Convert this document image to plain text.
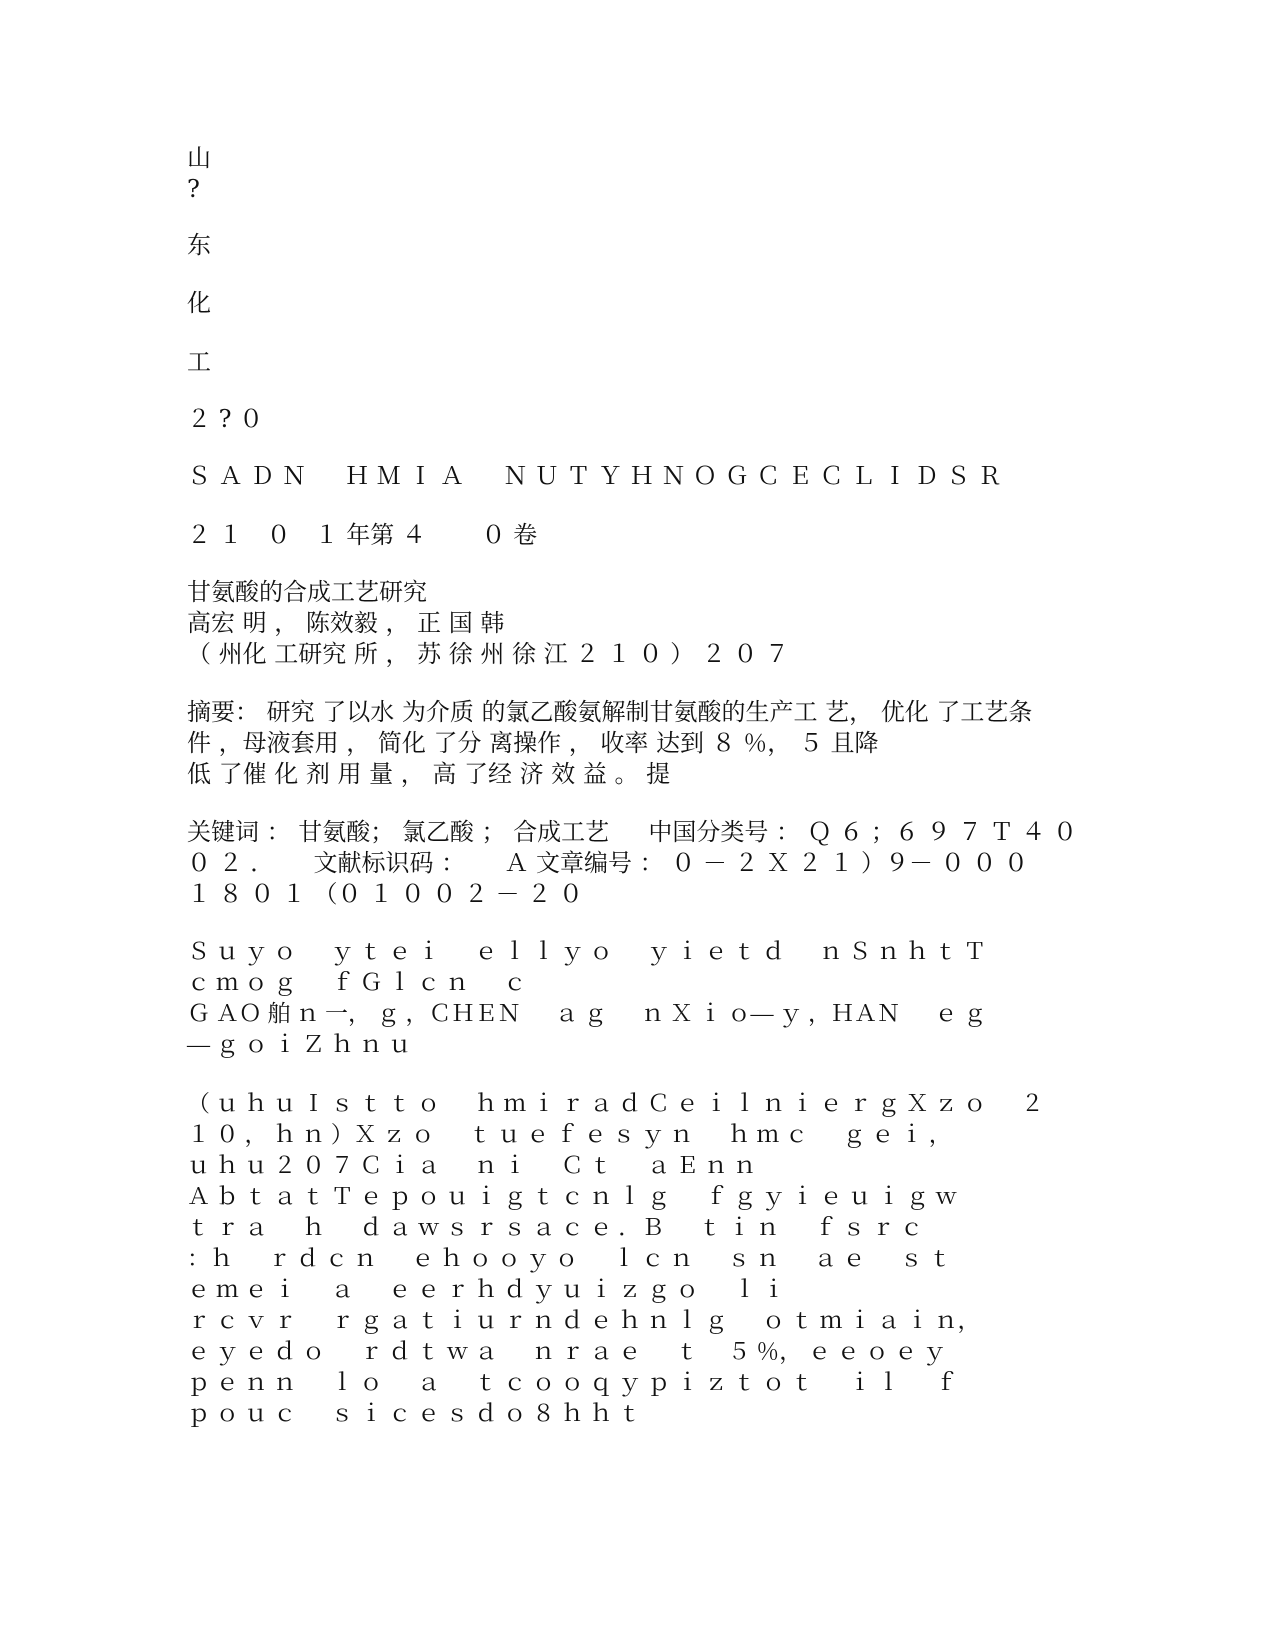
山
?
东
化
工
２ ? ０
Ｓ Ａ Ｄ Ｎ 　 Ｈ Ｍ Ｉ Ａ 　 Ｎ Ｕ Ｔ Ｙ Ｈ Ｎ Ｏ Ｇ Ｃ Ｅ Ｃ Ｌ Ｉ Ｄ Ｓ Ｒ
２ １　０　１ 年第 ４　　 ０ 卷
甘氨酸的合成工艺研究
高宏 明 ， 陈效毅 ， 正 国 韩
（ 州化 工研究 所 ， 苏 徐 州 徐 江 ２ １ ０ ） ２ ０ ７
摘要： 研究 了以水 为介质 的氯乙酸氨解制甘氨酸的生产工 艺， 优化 了工艺条
件 ，母液套用 ， 简化 了分 离操作 ， 收率 达到 ８ ％， ５ 且降
低 了催 化 剂 用 量 ， 高 了经 济 效 益 。 提
关键词 ： 甘氨酸； 氯乙酸 ； 合成工艺 　 中国分类号 ： Ｑ ６ ；６ ９ ７ Ｔ ４ ０
０ ２ ． 　 文献标识码 ： 　 Ａ 文章编号 ： ０ － ２ Ｘ ２ １ ）９－ ０ ０ ０
１ ８ ０ １ （０ １ ０ ０ ２ － ２ ０
Ｓ ｕ ｙ ｏ 　 ｙ ｔ ｅ ｉ 　 ｅ ｌ ｌ ｙ ｏ 　 ｙ ｉ ｅ ｔ ｄ 　 ｎ Ｓ ｎ ｈ ｔ Ｔ
ｃ ｍ ｏ ｇ 　 ｆ Ｇ ｌ ｃ ｎ 　 ｃ
Ｇ ＡＯ 舶 ｎ 一， ｇ ，ＣＨＥＮ 　 ａ ｇ 　 ｎ Ｘ ｉ ｏ— ｙ ，ＨＡＮ 　 ｅ ｇ
— ｇ ｏ ｉ Ｚ ｈ ｎ ｕ
（ ｕ ｈ ｕ Ｉ ｓ ｔ ｔ ｏ 　 ｈ ｍ ｉ ｒ ａ ｄ Ｃ ｅ ｉ ｌ ｎ ｉ ｅ ｒ ｇ Ｘ ｚ ｏ 　 ２
１ ０ ， ｈ ｎ ）Ｘ ｚ ｏ 　 ｔ ｕ ｅ ｆ ｅ ｓ ｙ ｎ 　 ｈ ｍ ｃ 　 ｇ ｅ ｉ ，
ｕ ｈ ｕ ２ ０ ７ Ｃ ｉ ａ 　 ｎ ｉ 　 Ｃ ｔ 　 ａ Ｅ ｎ ｎ
Ａ ｂ ｔ ａ ｔ Ｔ ｅ ｐ ｏ ｕ ｉ ｇ ｔ ｃ ｎ ｌ ｇ 　 ｆ ｇ ｙ ｉ ｅ ｕ ｉ ｇ ｗ
ｔ ｒ ａ 　 ｈ 　 ｄ ａ ｗ ｓ ｒ ｓ ａ ｃ ｅ ．Ｂ 　 ｔ ｉ ｎ 　 ｆ ｓ ｒ ｃ
：ｈ 　 ｒ ｄ ｃ ｎ 　 ｅ ｈ ｏ ｏ ｙ ｏ 　 ｌ ｃ ｎ 　 ｓ ｎ 　 ａ ｅ 　 ｓ ｔ
ｅ ｍ ｅ ｉ 　 ａ 　 ｅ ｅ ｒ ｈ ｄ ｙ ｕ ｉ ｚ ｇ ｏ 　 ｌ ｉ
ｒ ｃ ｖ ｒ 　 ｒ ｇ ａ ｔ ｉ ｕ ｒ ｎ ｄ ｅ ｈ ｎ ｌ ｇ 　 ｏ ｔ ｍ ｉ ａ ｉ ｎ，
ｅ ｙ ｅ ｄ ｏ 　 ｒ ｄ ｔ ｗ ａ 　 ｎ ｒ ａ ｅ 　 ｔ 　５ ％， ｅ ｅ ｏ ｅ ｙ
ｐ ｅ ｎ ｎ 　 ｌ ｏ 　 ａ 　 ｔ ｃ ｏ ｏ ｑ ｙ ｐ ｉ ｚ ｔ ｏ ｔ 　 ｉ ｌ 　 ｆ
ｐ ｏ ｕ ｃ 　 ｓ ｉ ｃ ｅ ｓ ｄ ｏ ８ ｈ ｈ ｔ
